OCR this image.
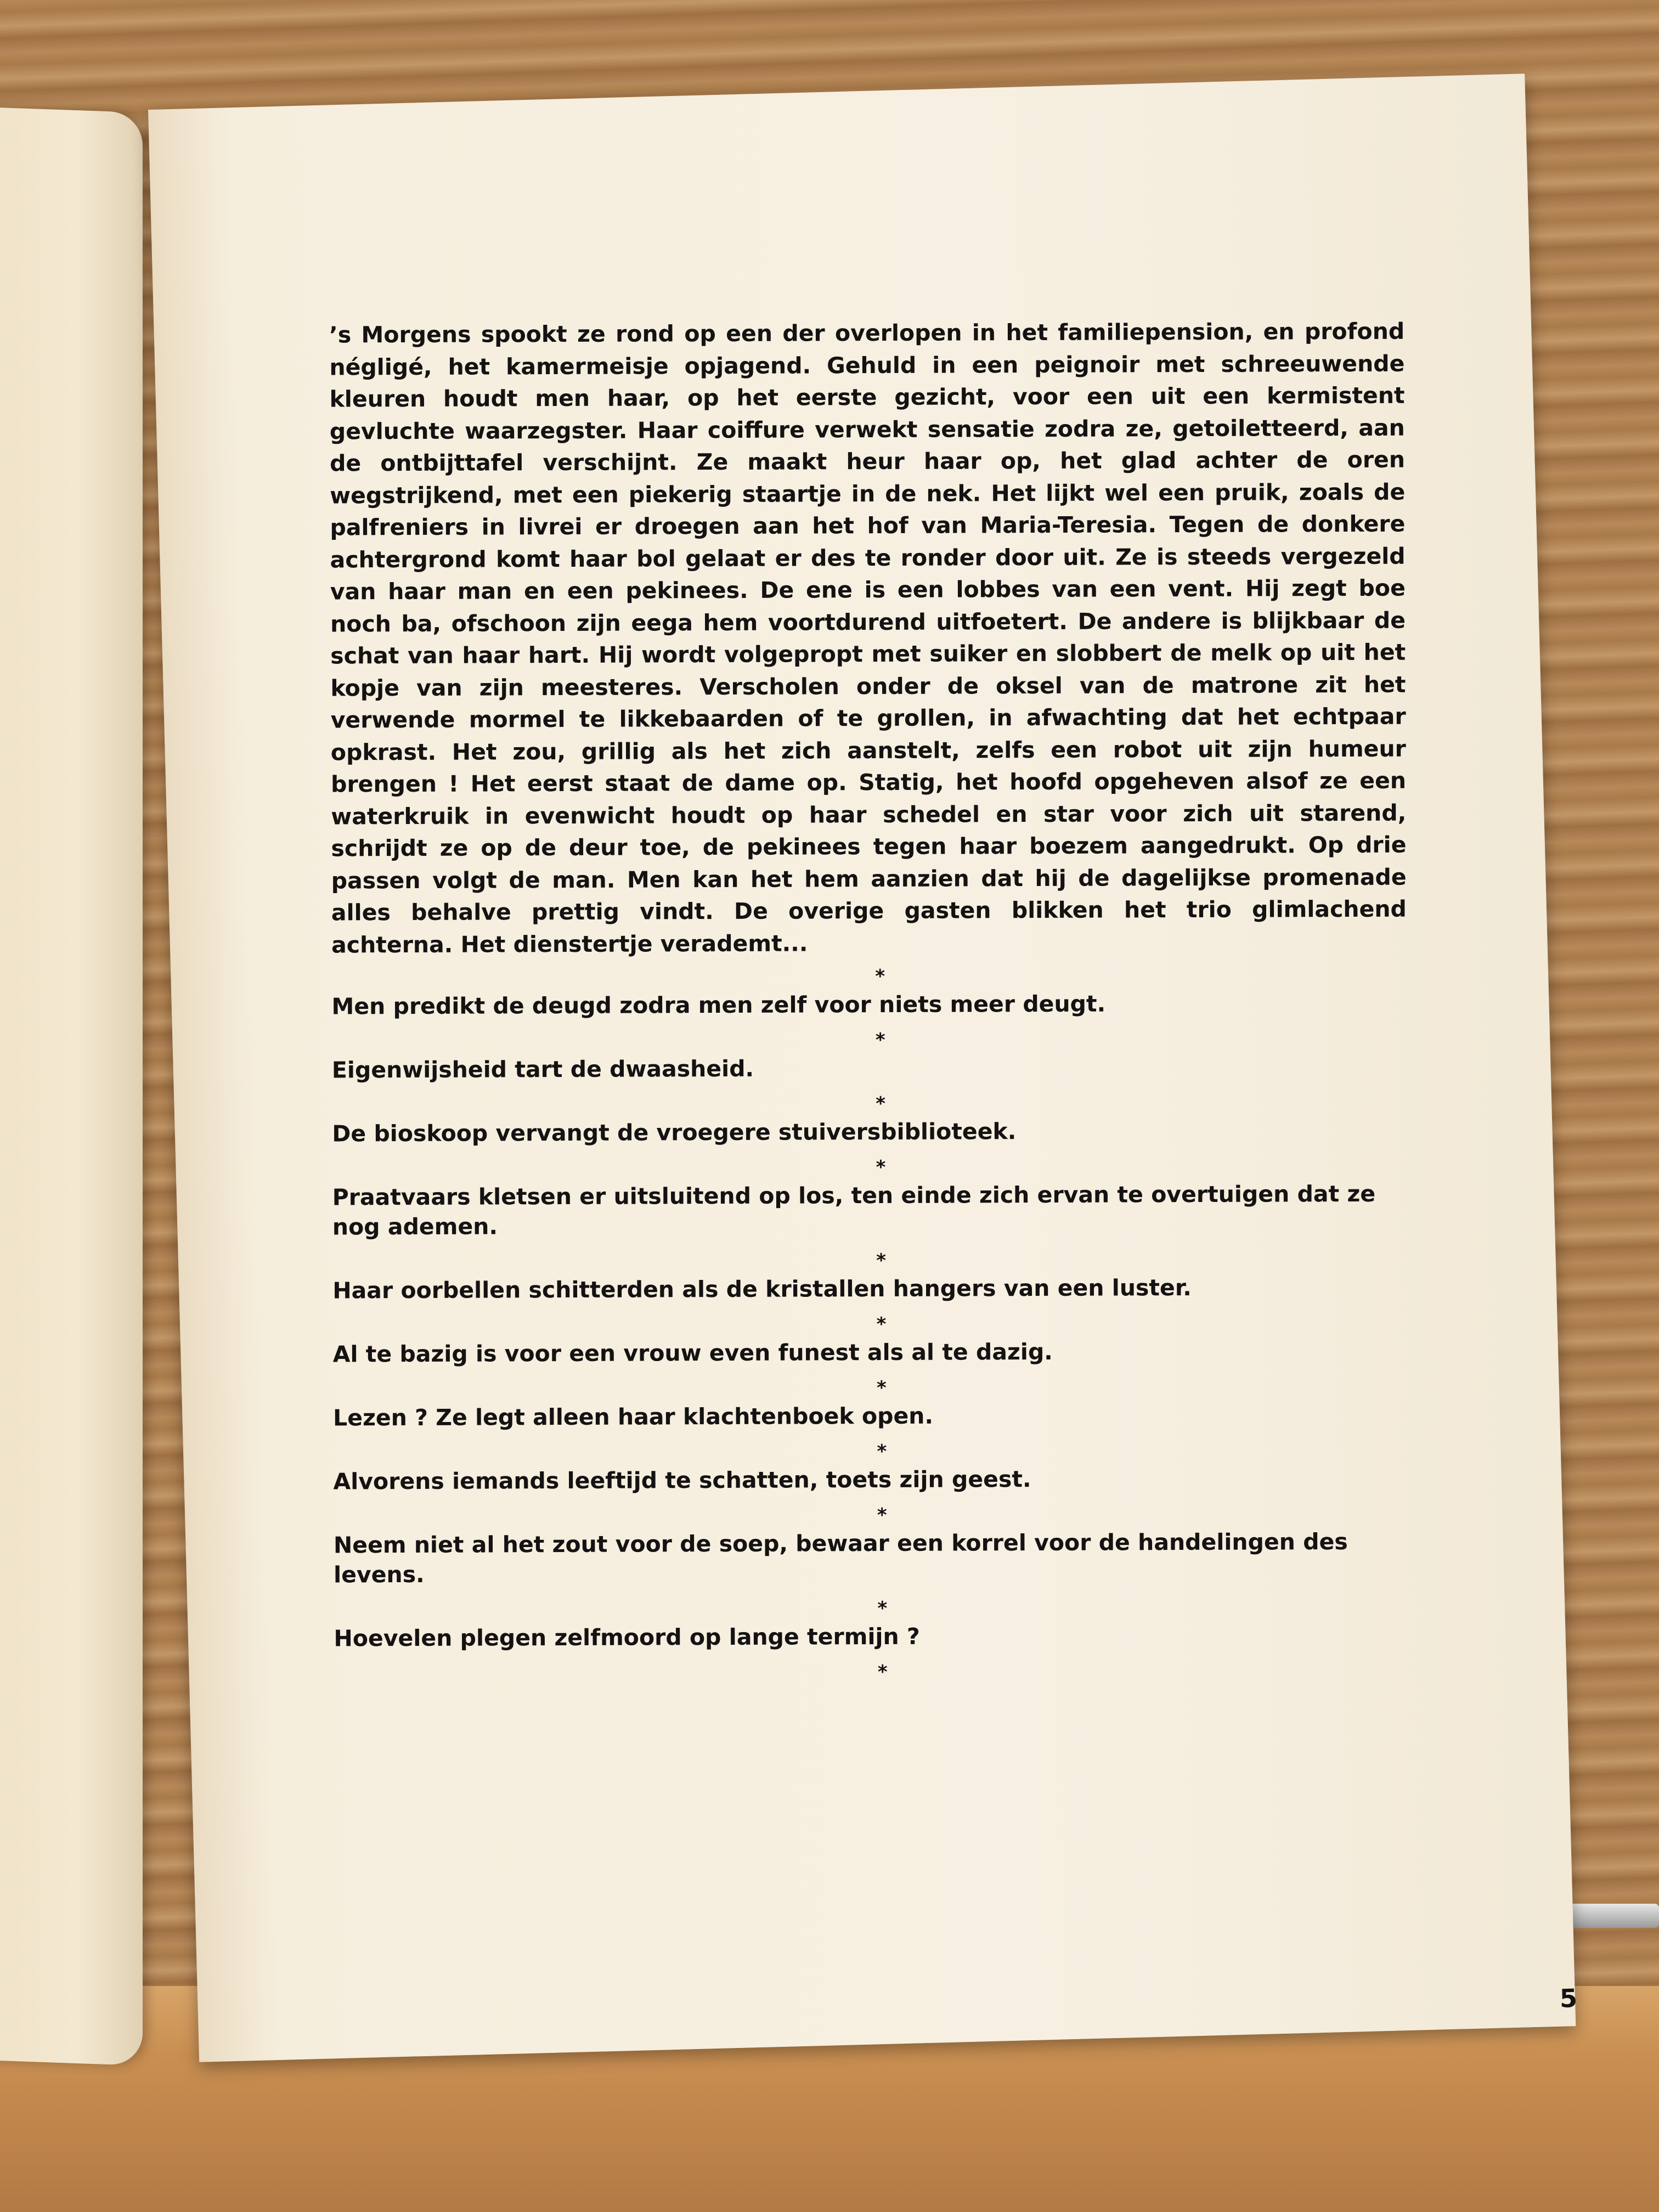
’s Morgens spookt ze rond op een der overlopen in het familiepension, en profond négligé, het kamermeisje opjagend. Gehuld in een peignoir met schreeuwende kleuren houdt men haar, op het eerste gezicht, voor een uit een kermistent gevluchte waarzegster. Haar coiffure verwekt sensatie zodra ze, getoiletteerd, aan de ontbijttafel verschijnt. Ze maakt heur haar op, het glad achter de oren wegstrijkend, met een piekerig staartje in de nek. Het lijkt wel een pruik, zoals de palfreniers in livrei er droegen aan het hof van Maria-Teresia. Tegen de donkere achtergrond komt haar bol gelaat er des te ronder door uit. Ze is steeds vergezeld van haar man en een pekinees. De ene is een lobbes van een vent. Hij zegt boe noch ba, ofschoon zijn eega hem voortdurend uitfoetert. De andere is blijkbaar de schat van haar hart. Hij wordt volgepropt met suiker en slobbert de melk op uit het kopje van zijn meesteres. Verscholen onder de oksel van de matrone zit het verwende mormel te likkebaarden of te grollen, in afwachting dat het echtpaar opkrast. Het zou, grillig als het zich aanstelt, zelfs een robot uit zijn humeur brengen ! Het eerst staat de dame op. Statig, het hoofd opgeheven alsof ze een waterkruik in evenwicht houdt op haar schedel en star voor zich uit starend, schrijdt ze op de deur toe, de pekinees tegen haar boezem aangedrukt. Op drie passen volgt de man. Men kan het hem aanzien dat hij de dagelijkse promenade alles behalve prettig vindt. De overige gasten blikken het trio glimlachend achterna. Het dienstertje verademt...

*

Men predikt de deugd zodra men zelf voor niets meer deugt.

*

Eigenwijsheid tart de dwaasheid.

*

De bioskoop vervangt de vroegere stuiversbiblioteek.

*

Praatvaars kletsen er uitsluitend op los, ten einde zich ervan te overtuigen dat ze nog ademen.

*

Haar oorbellen schitterden als de kristallen hangers van een luster.

*

Al te bazig is voor een vrouw even funest als al te dazig.

*

Lezen ? Ze legt alleen haar klachtenboek open.

*

Alvorens iemands leeftijd te schatten, toets zijn geest.

*

Neem niet al het zout voor de soep, bewaar een korrel voor de handelingen des levens.

*

Hoevelen plegen zelfmoord op lange termijn ?

*
5
